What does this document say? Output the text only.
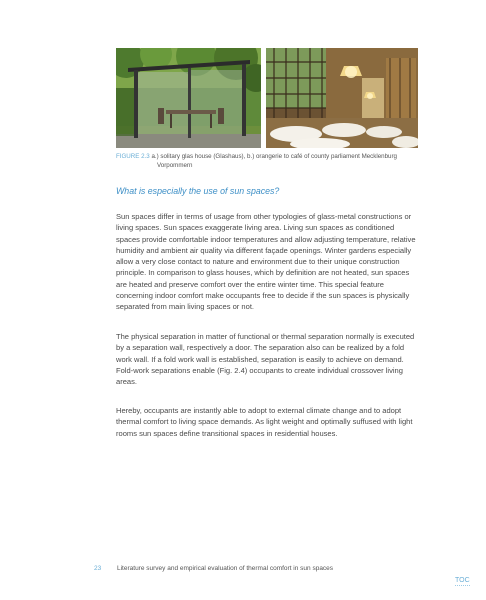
FIGURE 2.3 a.) solitary glas house (Glashaus), b.) orangerie to café of county parliament Mecklenburg
Vorpommern
What is especially the use of sun spaces?

Sun spaces differ in terms of usage from other typologies of glass-metal constructions or living spaces. Sun spaces exaggerate living area. Living sun spaces as conditioned spaces provide comfortable indoor temperatures and allow adjusting temperature, relative humidity and ambient air quality via different façade openings. Winter gardens especially allow a very close contact to nature and environment due to their unique construction principle. In comparison to glass houses, which by definition are not heated, sun spaces are heated and preserve comfort over the entire winter time. This special feature concerning indoor comfort make occupants free to decide if the sun spaces is physically separated from main living spaces or not.

The physical separation in matter of functional or thermal separation normally is executed by a separation wall, respectively a door. The separation also can be realized by a fold work wall. If a fold work wall is established, separation is easily to achieve on demand. Fold-work separations enable (Fig. 2.4) occupants to create individual crossover living areas.

Hereby, occupants are instantly able to adopt to external climate change and to adopt thermal comfort to living space demands. As light weight and optimally suffused with light rooms sun spaces define transitional spaces in residential houses.

23 Literature survey and empirical evaluation of thermal comfort in sun spaces
TOC
